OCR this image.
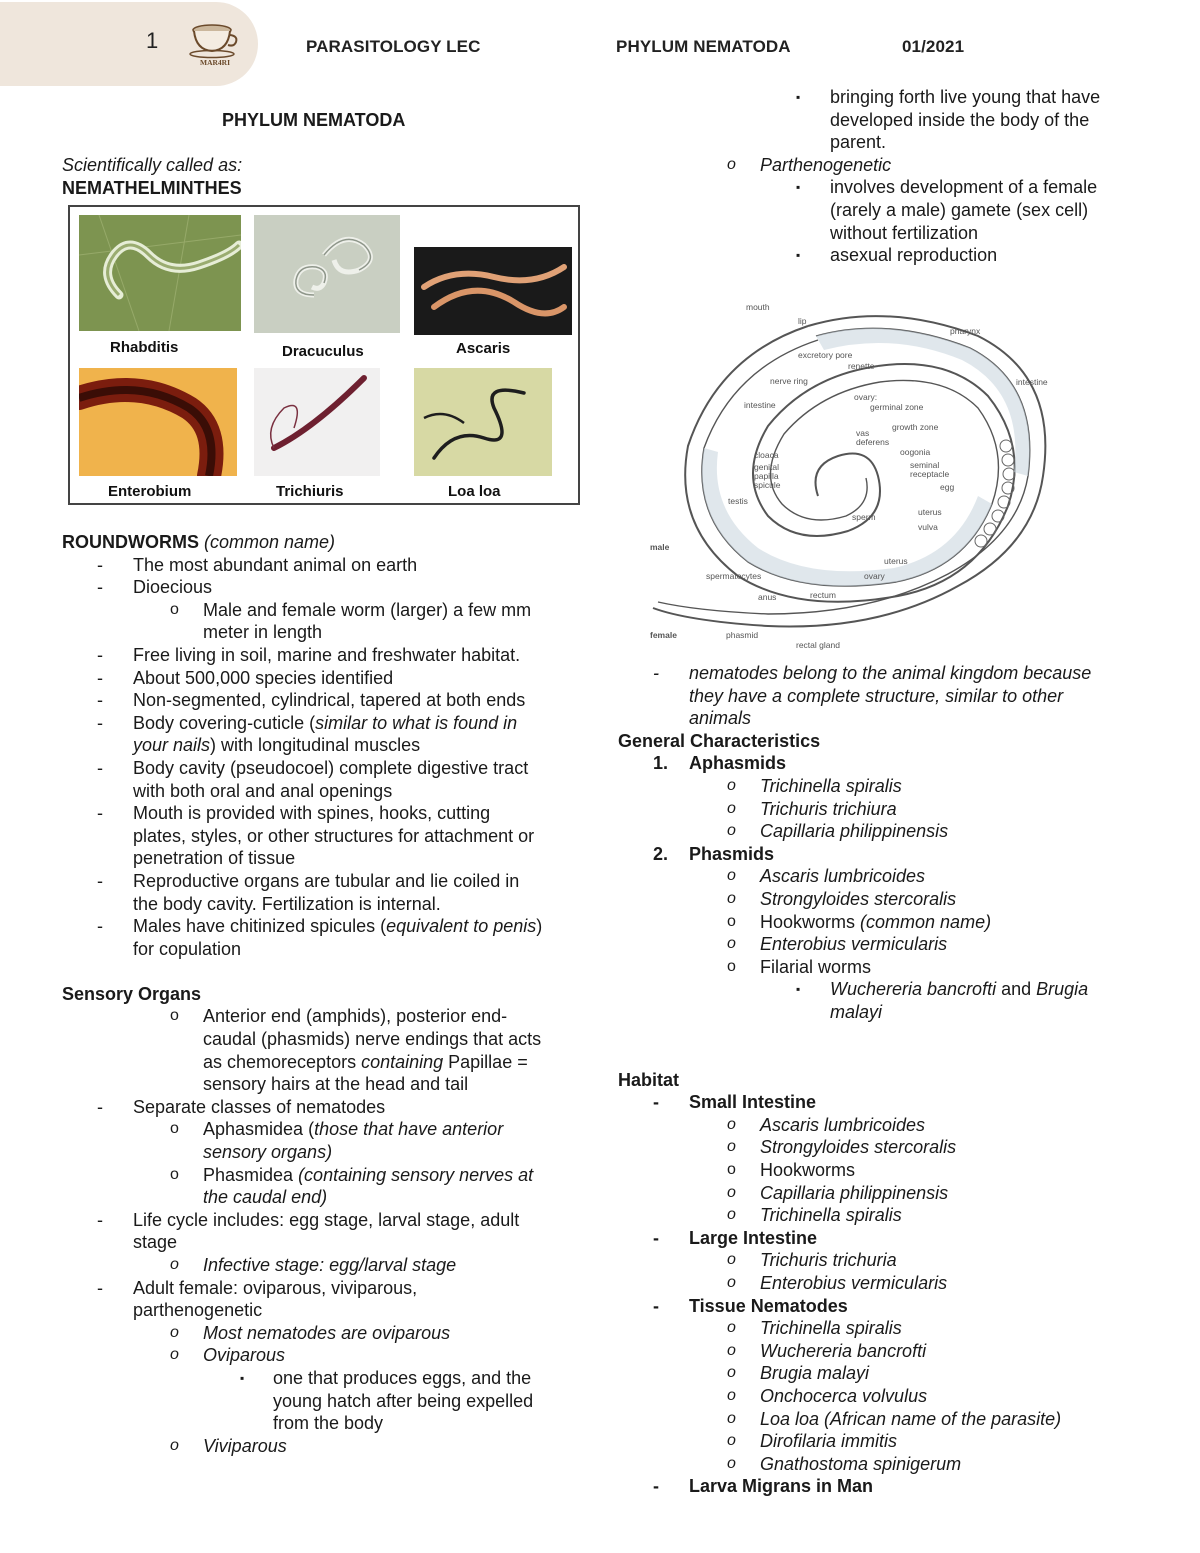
1
MAR4RI
PARASITOLOGY LEC	PHYLUM NEMATODA	01/2021
PHYLUM NEMATODA
Scientifically called as:
NEMATHELMINTHES
Rhabditis	Dracuculus	Ascaris
Enterobium	Trichiuris	Loa loa
ROUNDWORMS (common name)
- The most abundant animal on earth
- Dioecious
o Male and female worm (larger) a few mm
meter in length
- Free living in soil, marine and freshwater habitat.
- About 500,000 species identified
- Non-segmented, cylindrical, tapered at both ends
- Body covering-cuticle (similar to what is found in
your nails) with longitudinal muscles
- Body cavity (pseudocoel) complete digestive tract
with both oral and anal openings
- Mouth is provided with spines, hooks, cutting
plates, styles, or other structures for attachment or
penetration of tissue
- Reproductive organs are tubular and lie coiled in
the body cavity. Fertilization is internal.
- Males have chitinized spicules (equivalent to penis)
for copulation
Sensory Organs
o Anterior end (amphids), posterior end-
caudal (phasmids) nerve endings that acts
as chemoreceptors containing Papillae =
sensory hairs at the head and tail
- Separate classes of nematodes
o Aphasmidea (those that have anterior
sensory organs)
o Phasmidea (containing sensory nerves at
the caudal end)
- Life cycle includes: egg stage, larval stage, adult
stage
o Infective stage: egg/larval stage
- Adult female: oviparous, viviparous,
parthenogenetic
o Most nematodes are oviparous
o Oviparous
▪ one that produces eggs, and the
young hatch after being expelled
from the body
o Viviparous
▪ bringing forth live young that have
developed inside the body of the
parent.
o Parthenogenetic
▪ involves development of a female
(rarely a male) gamete (sex cell)
without fertilization
▪ asexual reproduction
mouth
lip
pharynx
excretory pore
renette
nerve ring	intestine
intestine
ovary:
germinal zone
growth zone
vas
deferens
oogonia
seminal
receptacle
egg
cloaca
genital
papilla
spicule
testis
sperm	uterus
vulva
male
uterus
spermatocytes	ovary
anus	rectum
female	phasmid
rectal gland
- nematodes belong to the animal kingdom because
they have a complete structure, similar to other
animals
General Characteristics
1. Aphasmids
o Trichinella spiralis
o Trichuris trichiura
o Capillaria philippinensis
2. Phasmids
o Ascaris lumbricoides
o Strongyloides stercoralis
o Hookworms (common name)
o Enterobius vermicularis
o Filarial worms
▪ Wuchereria bancrofti and Brugia
malayi
Habitat
- Small Intestine
o Ascaris lumbricoides
o Strongyloides stercoralis
o Hookworms
o Capillaria philippinensis
o Trichinella spiralis
- Large Intestine
o Trichuris trichuria
o Enterobius vermicularis
- Tissue Nematodes
o Trichinella spiralis
o Wuchereria bancrofti
o Brugia malayi
o Onchocerca volvulus
o Loa loa (African name of the parasite)
o Dirofilaria immitis
o Gnathostoma spinigerum
- Larva Migrans in Man
